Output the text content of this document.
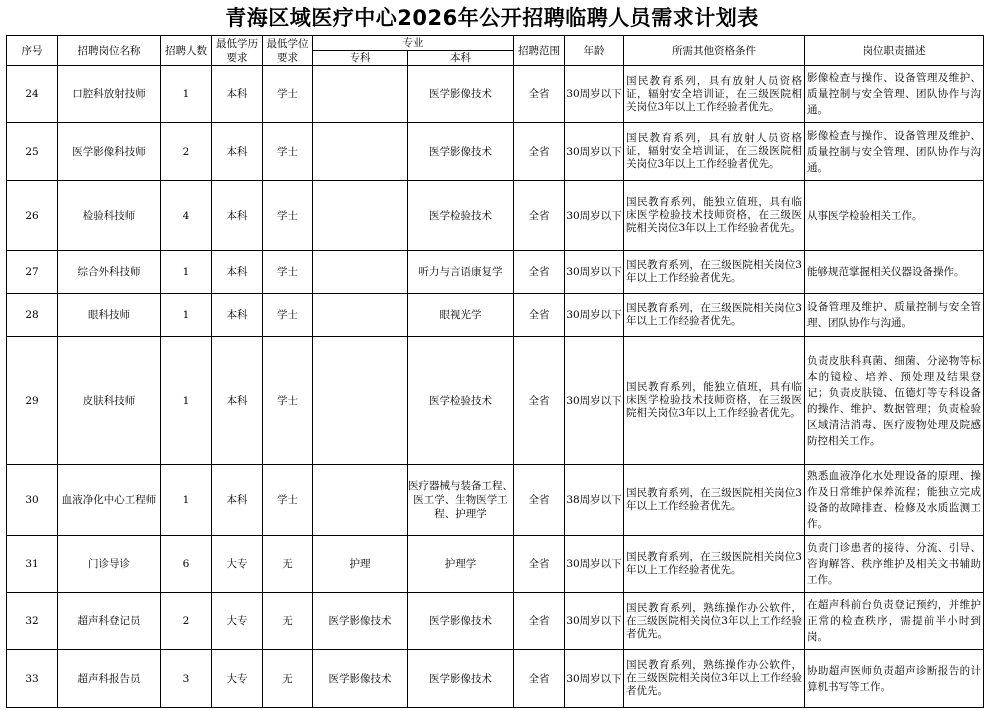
青海区域医疗中心2026年公开招聘临聘人员需求计划表
序号	招聘岗位名称	招聘人数	最低学历要求	最低学位要求	专业		招聘范围	年龄	所需其他资格条件	岗位职责描述
					专科	本科				
24	口腔科放射技师	1	本科	学士		医学影像技术	全省	30周岁以下	国民教育系列，具有放射人员资格证，辐射安全培训证，在三级医院相关岗位3年以上工作经验者优先。	影像检查与操作、设备管理及维护、质量控制与安全管理、团队协作与沟通。
25	医学影像科技师	2	本科	学士		医学影像技术	全省	30周岁以下	国民教育系列，具有放射人员资格证，辐射安全培训证，在三级医院相关岗位3年以上工作经验者优先。	影像检查与操作、设备管理及维护、质量控制与安全管理、团队协作与沟通。
26	检验科技师	4	本科	学士		医学检验技术	全省	30周岁以下	国民教育系列，能独立值班，具有临床医学检验技术技师资格，在三级医院相关岗位3年以上工作经验者优先。	从事医学检验相关工作。
27	综合外科技师	1	本科	学士		听力与言语康复学	全省	30周岁以下	国民教育系列，在三级医院相关岗位3年以上工作经验者优先。	能够规范掌握相关仪器设备操作。
28	眼科技师	1	本科	学士		眼视光学	全省	30周岁以下	国民教育系列，在三级医院相关岗位3年以上工作经验者优先。	设备管理及维护、质量控制与安全管理、团队协作与沟通。
29	皮肤科技师	1	本科	学士		医学检验技术	全省	30周岁以下	国民教育系列，能独立值班，具有临床医学检验技术技师资格，在三级医院相关岗位3年以上工作经验者优先。	负责皮肤科真菌、细菌、分泌物等标本的镜检、培养、预处理及结果登记；负责皮肤镜、伍德灯等专科设备的操作、维护、数据管理；负责检验区域清洁消毒、医疗废物处理及院感防控相关工作。
30	血液净化中心工程师	1	本科	学士		医疗器械与装备工程、医工学、生物医学工程、护理学	全省	38周岁以下	国民教育系列，在三级医院相关岗位3年以上工作经验者优先。	熟悉血液净化水处理设备的原理、操作及日常维护保养流程；能独立完成设备的故障排查、检修及水质监测工作。
31	门诊导诊	6	大专	无	护理	护理学	全省	30周岁以下	国民教育系列，在三级医院相关岗位3年以上工作经验者优先。	负责门诊患者的接待、分流、引导、咨询解答、秩序维护及相关文书辅助工作。
32	超声科登记员	2	大专	无	医学影像技术	医学影像技术	全省	30周岁以下	国民教育系列，熟练操作办公软件，在三级医院相关岗位3年以上工作经验者优先。	在超声科前台负责登记预约，并维护正常的检查秩序，需提前半小时到岗。
33	超声科报告员	3	大专	无	医学影像技术	医学影像技术	全省	30周岁以下	国民教育系列，熟练操作办公软件，在三级医院相关岗位3年以上工作经验者优先。	协助超声医师负责超声诊断报告的计算机书写等工作。
